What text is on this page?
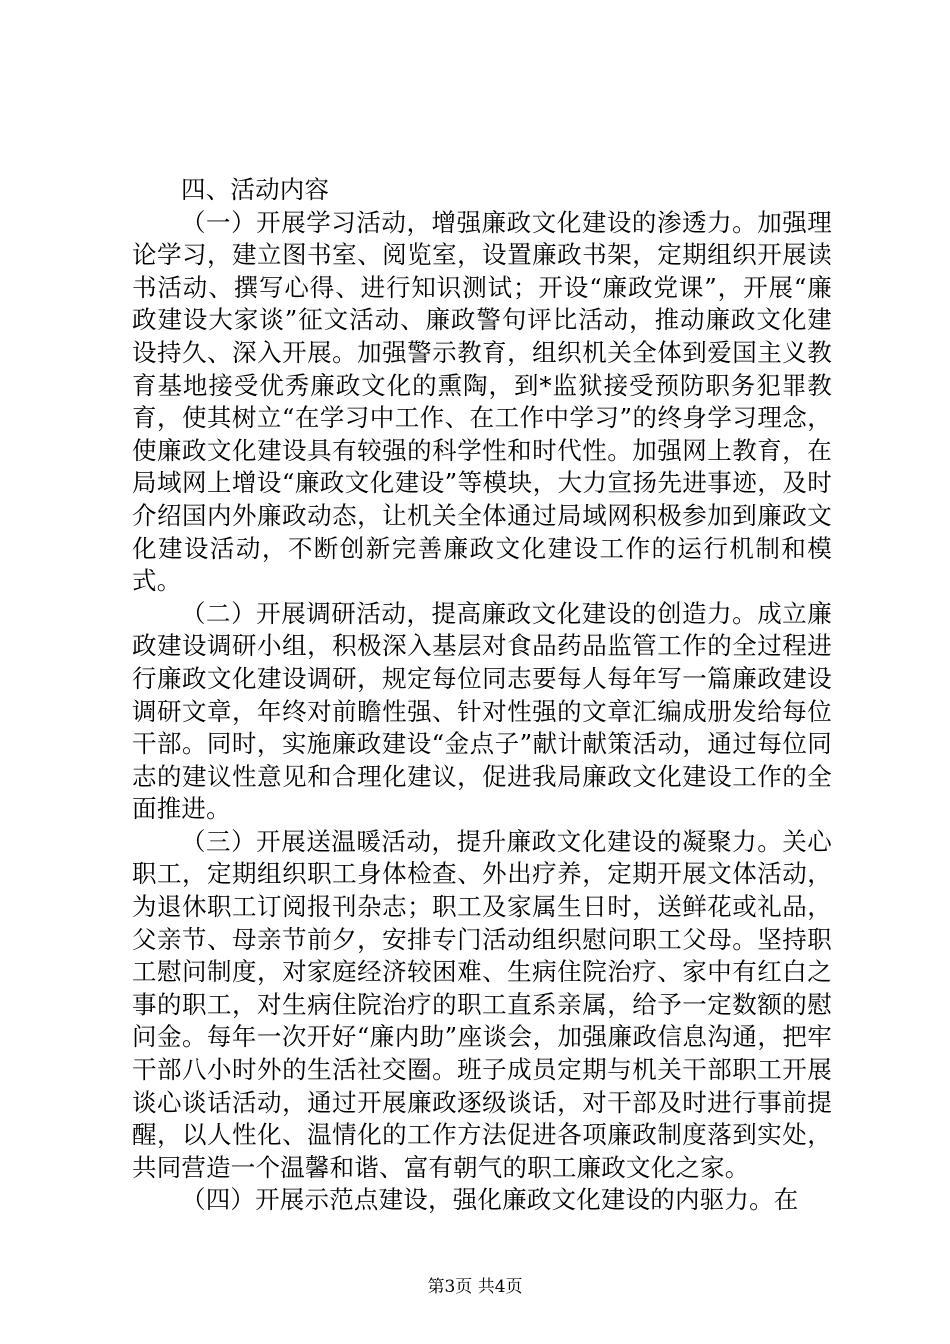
四、活动内容

（一）开展学习活动，增强廉政文化建设的渗透力。加强理论学习，建立图书室、阅览室，设置廉政书架，定期组织开展读书活动、撰写心得、进行知识测试；开设“廉政党课”，开展“廉政建设大家谈”征文活动、廉政警句评比活动，推动廉政文化建设持久、深入开展。加强警示教育，组织机关全体到爱国主义教育基地接受优秀廉政文化的熏陶，到*监狱接受预防职务犯罪教育，使其树立“在学习中工作、在工作中学习”的终身学习理念，使廉政文化建设具有较强的科学性和时代性。加强网上教育，在局域网上增设“廉政文化建设”等模块，大力宣扬先进事迹，及时介绍国内外廉政动态，让机关全体通过局域网积极参加到廉政文化建设活动，不断创新完善廉政文化建设工作的运行机制和模式。

（二）开展调研活动，提高廉政文化建设的创造力。成立廉政建设调研小组，积极深入基层对食品药品监管工作的全过程进行廉政文化建设调研，规定每位同志要每人每年写一篇廉政建设调研文章，年终对前瞻性强、针对性强的文章汇编成册发给每位干部。同时，实施廉政建设“金点子”献计献策活动，通过每位同志的建议性意见和合理化建议，促进我局廉政文化建设工作的全面推进。

（三）开展送温暖活动，提升廉政文化建设的凝聚力。关心职工，定期组织职工身体检查、外出疗养，定期开展文体活动，为退休职工订阅报刊杂志；职工及家属生日时，送鲜花或礼品，父亲节、母亲节前夕，安排专门活动组织慰问职工父母。坚持职工慰问制度，对家庭经济较困难、生病住院治疗、家中有红白之事的职工，对生病住院治疗的职工直系亲属，给予一定数额的慰问金。每年一次开好“廉内助”座谈会，加强廉政信息沟通，把牢干部八小时外的生活社交圈。班子成员定期与机关干部职工开展谈心谈话活动，通过开展廉政逐级谈话，对干部及时进行事前提醒，以人性化、温情化的工作方法促进各项廉政制度落到实处，共同营造一个温馨和谐、富有朝气的职工廉政文化之家。

（四）开展示范点建设，强化廉政文化建设的内驱力。在

第3页 共4页
